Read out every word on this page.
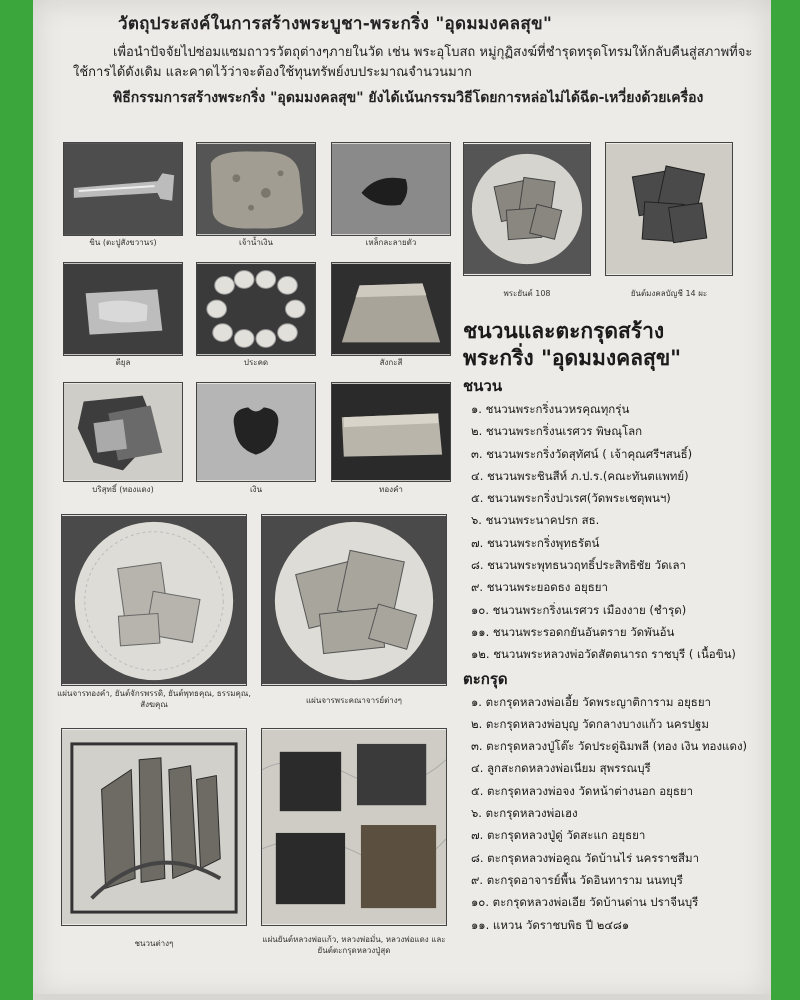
วัตถุประสงค์ในการสร้างพระบูชา-พระกริ่ง "อุดมมงคลสุข"
เพื่อนำปัจจัยไปซ่อมแซมถาวรวัตถุต่างๆภายในวัด เช่น พระอุโบสถ หมู่กุฏิสงฆ์ที่ชำรุดทรุดโทรมให้กลับคืนสู่สภาพที่จะใช้การได้ดังเดิม และคาดไว้ว่าจะต้องใช้ทุนทรัพย์งบประมาณจำนวนมาก
พิธีกรรมการสร้างพระกริ่ง "อุดมมงคลสุข" ยังได้เน้นกรรมวิธีโดยการหล่อไม่ได้ฉีด-เหวี่ยงด้วยเครื่อง
ขิน (ตะปูสังขวานร)	เจ้าน้ำเงิน	เหล็กละลายตัว
ตียุล	ประคด	สังกะสี
บริสุทธิ์ (ทองแดง)	เงิน	ทองคำ
พระยันต์ 108	ยันต์มงคลบัญชี 14 ผะ
แผ่นจารทองคำ, ยันต์จักรพรรดิ, ยันต์พุทธคุณ, ธรรมคุณ, สังฆคุณ	แผ่นจารพระคณาจารย์ต่างๆ
ชนวนต่างๆ	แผ่นยันต์หลวงพ่อแก้ว, หลวงพ่อมั่น, หลวงพ่อแดง และยันต์ตะกรุดหลวงปู่สุด
ชนวนและตะกรุดสร้าง
พระกริ่ง "อุดมมงคลสุข"
ชนวน
๑. ชนวนพระกริ่งนวหรคุณทุกรุ่น
๒. ชนวนพระกริ่งนเรศวร พิษณุโลก
๓. ชนวนพระกริ่งวัดสุทัศน์ ( เจ้าคุณศรีฯสนธิ์)
๔. ชนวนพระชินสีห์ ภ.ป.ร.(คณะทันตแพทย์)
๕. ชนวนพระกริ่งปวเรศ(วัดพระเชตุพนฯ)
๖. ชนวนพระนาคปรก สธ.
๗. ชนวนพระกริ่งพุทธรัตน์
๘. ชนวนพระพุทธนวฤทธิ์ประสิทธิชัย วัดเลา
๙. ชนวนพระยอดธง อยุธยา
๑๐. ชนวนพระกริ่งนเรศวร เมืองงาย (ชำรุด)
๑๑. ชนวนพระรอดกยันอันตราย วัดพันอ้น
๑๒. ชนวนพระหลวงพ่อวัดสัตตนารถ ราชบุรี ( เนื้อขิน)
ตะกรุด
๑. ตะกรุดหลวงพ่อเอี้ย วัดพระญาติการาม อยุธยา
๒. ตะกรุดหลวงพ่อบุญ วัดกลางบางแก้ว นครปฐม
๓. ตะกรุดหลวงปู่โต๊ะ วัดประดู่ฉิมพลี (ทอง เงิน ทองแดง)
๔. ลูกสะกดหลวงพ่อเนียม สุพรรณบุรี
๕. ตะกรุดหลวงพ่อจง วัดหน้าต่างนอก อยุธยา
๖. ตะกรุดหลวงพ่อเฮง
๗. ตะกรุดหลวงปู่ดู่ วัดสะแก อยุธยา
๘. ตะกรุดหลวงพ่อคูณ วัดบ้านไร่ นครราชสีมา
๙. ตะกรุดอาจารย์พื้น วัดอินทาราม นนทบุรี
๑๐. ตะกรุดหลวงพ่อเอีย วัดบ้านด่าน ปราจีนบุรี
๑๑. แหวน วัดราชบพิธ ปี ๒๔๘๑
